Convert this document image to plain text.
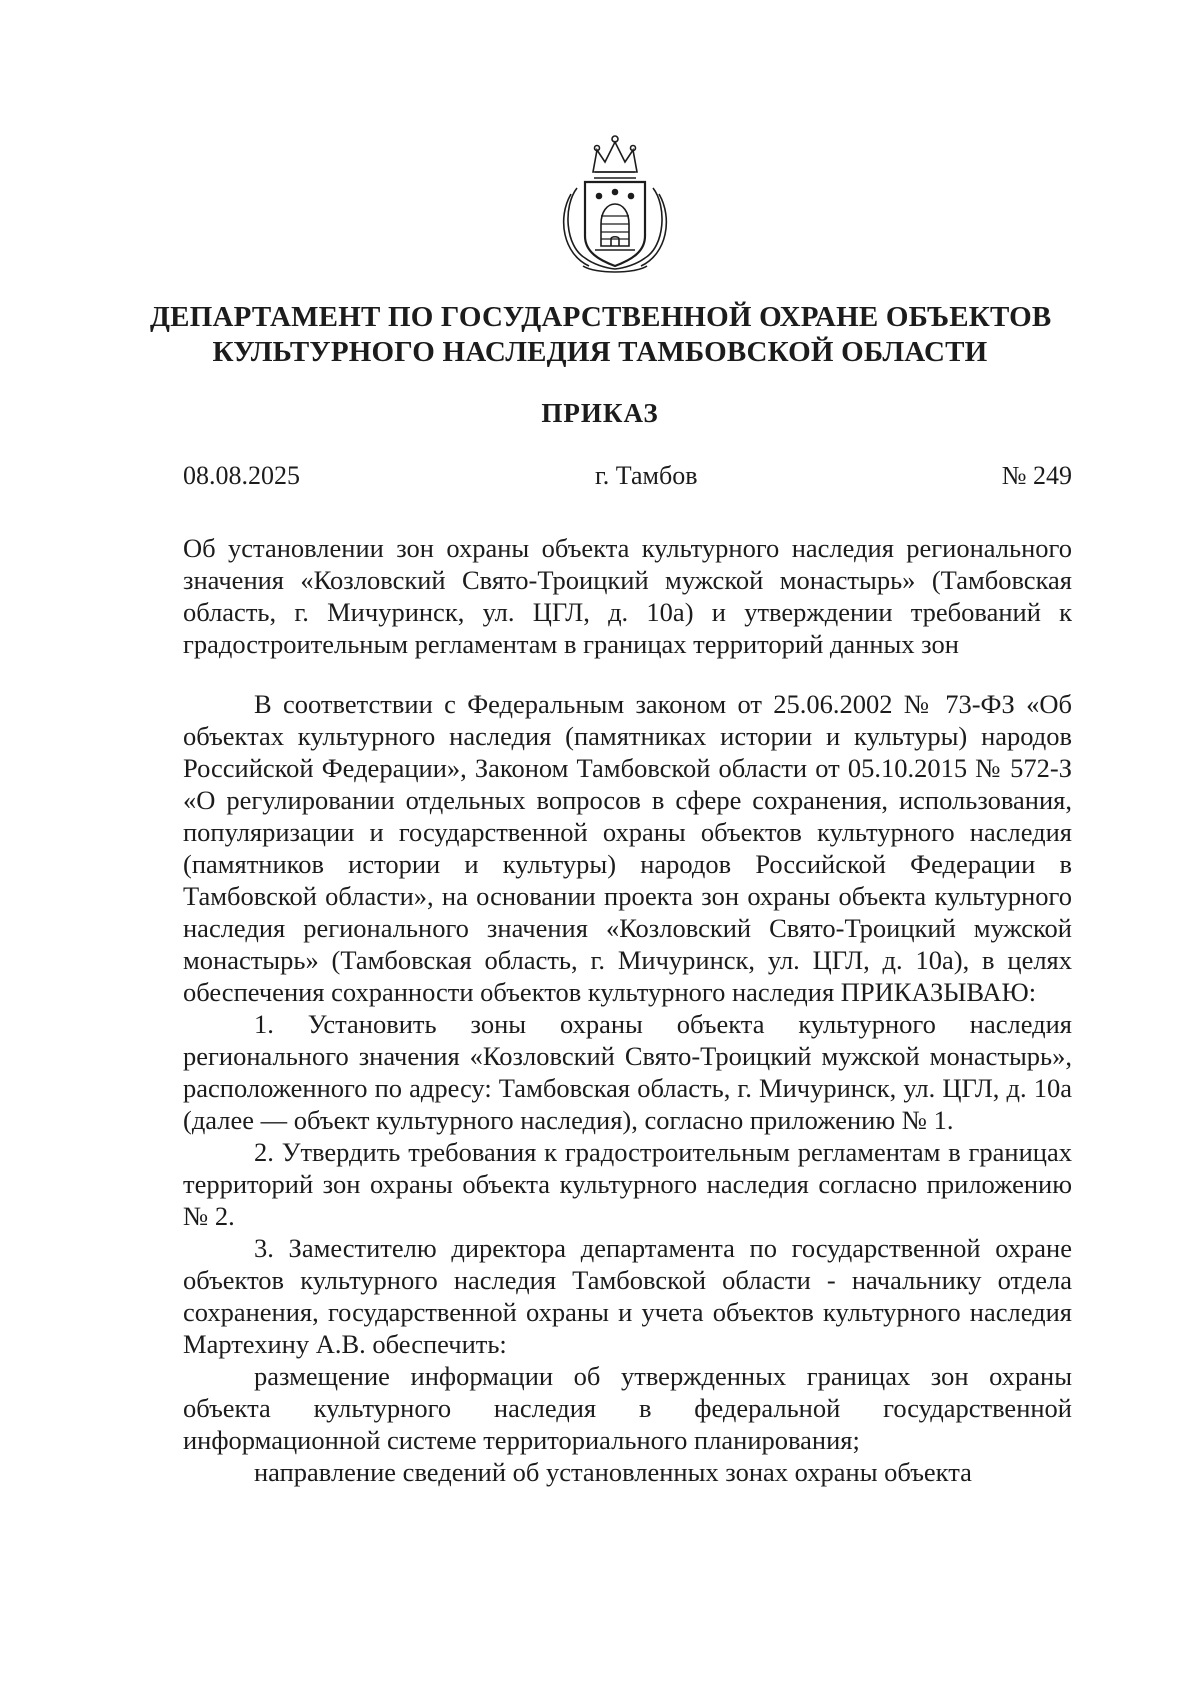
ДЕПАРТАМЕНТ ПО ГОСУДАРСТВЕННОЙ ОХРАНЕ ОБЪЕКТОВ
КУЛЬТУРНОГО НАСЛЕДИЯ ТАМБОВСКОЙ ОБЛАСТИ
ПРИКАЗ
08.08.2025	г. Тамбов	№ 249

Об установлении зон охраны объекта культурного наследия регионального значения «Козловский Свято-Троицкий мужской монастырь» (Тамбовская область, г. Мичуринск, ул. ЦГЛ, д. 10а) и утверждении требований к градостроительным регламентам в границах территорий данных зон

В соответствии с Федеральным законом от 25.06.2002 № 73-ФЗ «Об объектах культурного наследия (памятниках истории и культуры) народов Российской Федерации», Законом Тамбовской области от 05.10.2015 № 572-З «О регулировании отдельных вопросов в сфере сохранения, использования, популяризации и государственной охраны объектов культурного наследия (памятников истории и культуры) народов Российской Федерации в Тамбовской области», на основании проекта зон охраны объекта культурного наследия регионального значения «Козловский Свято-Троицкий мужской монастырь» (Тамбовская область, г. Мичуринск, ул. ЦГЛ, д. 10а), в целях обеспечения сохранности объектов культурного наследия ПРИКАЗЫВАЮ:

1. Установить зоны охраны объекта культурного наследия регионального значения «Козловский Свято-Троицкий мужской монастырь», расположенного по адресу: Тамбовская область, г. Мичуринск, ул. ЦГЛ, д. 10а (далее — объект культурного наследия), согласно приложению № 1.

2. Утвердить требования к градостроительным регламентам в границах территорий зон охраны объекта культурного наследия согласно приложению № 2.

3. Заместителю директора департамента по государственной охране объектов культурного наследия Тамбовской области - начальнику отдела сохранения, государственной охраны и учета объектов культурного наследия Мартехину А.В. обеспечить:

размещение информации об утвержденных границах зон охраны объекта культурного наследия в федеральной государственной информационной системе территориального планирования;

направление сведений об установленных зонах охраны объекта
